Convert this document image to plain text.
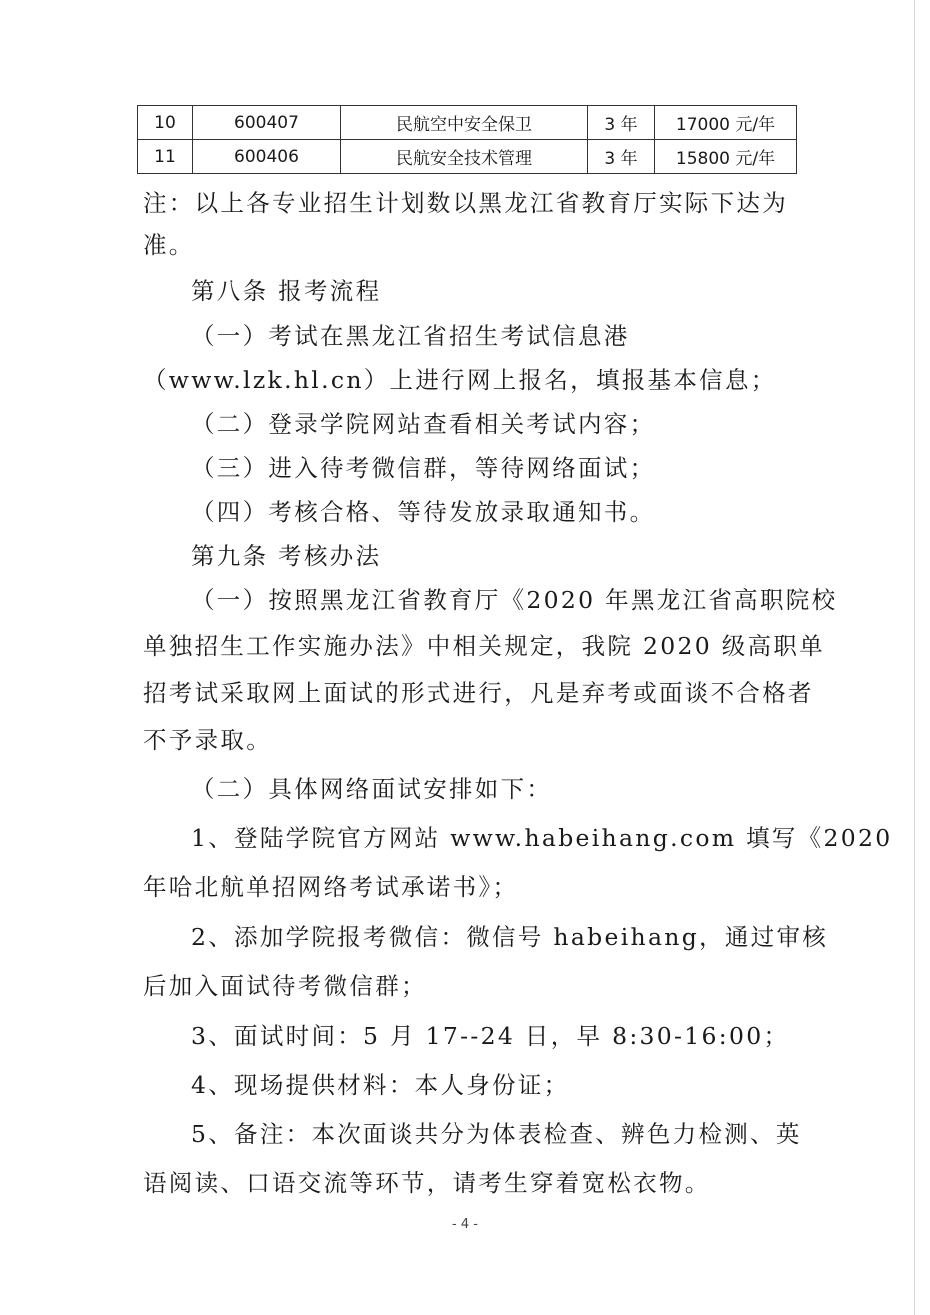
10	600407	民航空中安全保卫	3 年	17000 元/年
11	600406	民航安全技术管理	3 年	15800 元/年
注：以上各专业招生计划数以黑龙江省教育厅实际下达为
准。
第八条 报考流程
（一）考试在黑龙江省招生考试信息港
（www.lzk.hl.cn）上进行网上报名，填报基本信息；
（二）登录学院网站查看相关考试内容；
（三）进入待考微信群，等待网络面试；
（四）考核合格、等待发放录取通知书。
第九条 考核办法
（一）按照黑龙江省教育厅《2020 年黑龙江省高职院校
单独招生工作实施办法》中相关规定，我院 2020 级高职单
招考试采取网上面试的形式进行，凡是弃考或面谈不合格者
不予录取。
（二）具体网络面试安排如下：
1、登陆学院官方网站 www.habeihang.com 填写《2020
年哈北航单招网络考试承诺书》；
2、添加学院报考微信：微信号 habeihang，通过审核
后加入面试待考微信群；
3、面试时间：5 月 17--24 日，早 8:30-16:00；
4、现场提供材料：本人身份证；
5、备注：本次面谈共分为体表检查、辨色力检测、英
语阅读、口语交流等环节，请考生穿着宽松衣物。
- 4 -
